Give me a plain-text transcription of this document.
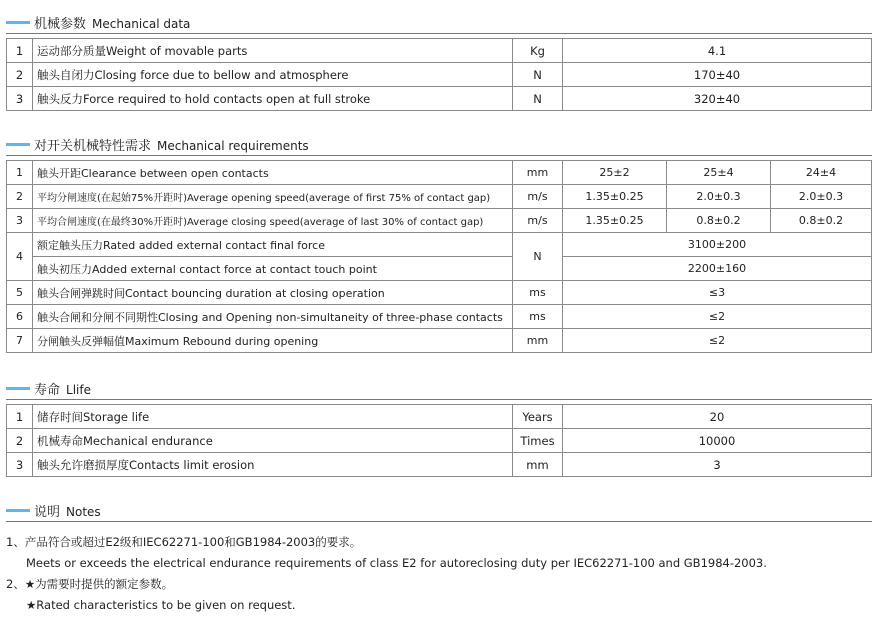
机械参数 Mechanical data
1	运动部分质量Weight of movable parts	Kg	4.1
2	触头自闭力Closing force due to bellow and atmosphere	N	170±40
3	触头反力Force required to hold contacts open at full stroke	N	320±40
对开关机械特性需求 Mechanical requirements
1	触头开距Clearance between open contacts	mm	25±2	25±4	24±4
2	平均分闸速度(在起始75%开距时)Average opening speed(average of first 75% of contact gap)	m/s	1.35±0.25	2.0±0.3	2.0±0.3
3	平均合闸速度(在最终30%开距时)Average closing speed(average of last 30% of contact gap)	m/s	1.35±0.25	0.8±0.2	0.8±0.2
4	额定触头压力Rated added external contact final force	N	3100±200		
	触头初压力Added external contact force at contact touch point		2200±160		
5	触头合闸弹跳时间Contact bouncing duration at closing operation	ms	≤3		
6	触头合闸和分闸不同期性Closing and Opening non-simultaneity of three-phase contacts	ms	≤2		
7	分闸触头反弹幅值Maximum Rebound during opening	mm	≤2		
寿命 Llife
1	储存时间Storage life	Years	20
2	机械寿命Mechanical endurance	Times	10000
3	触头允许磨损厚度Contacts limit erosion	mm	3
说明 Notes
1、产品符合或超过E2级和IEC62271-100和GB1984-2003的要求。
Meets or exceeds the electrical endurance requirements of class E2 for autoreclosing duty per IEC62271-100 and GB1984-2003.
2、★为需要时提供的额定参数。
★Rated characteristics to be given on request.
